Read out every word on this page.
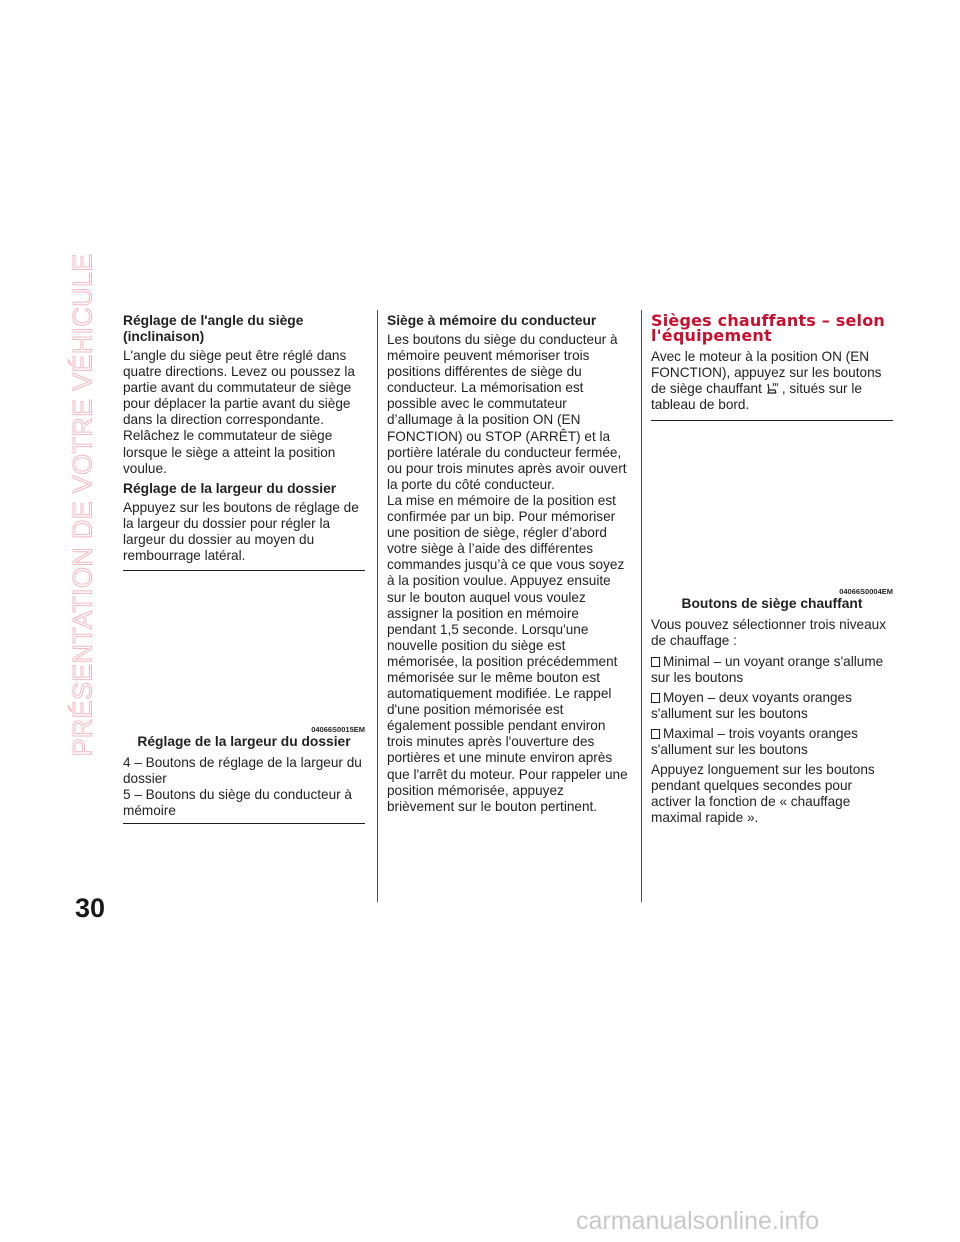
PRÉSENTATION DE VOTRE VÉHICULE
30
Réglage de l'angle du siège (inclinaison)

L'angle du siège peut être réglé dans quatre directions. Levez ou poussez la partie avant du commutateur de siège pour déplacer la partie avant du siège dans la direction correspondante. Relâchez le commutateur de siège lorsque le siège a atteint la position voulue.

Réglage de la largeur du dossier

Appuyez sur les boutons de réglage de la largeur du dossier pour régler la largeur du dossier au moyen du rembourrage latéral.

04066S0015EM
Réglage de la largeur du dossier

4 – Boutons de réglage de la largeur du dossier

5 – Boutons du siège du conducteur à mémoire

Siège à mémoire du conducteur

Les boutons du siège du conducteur à mémoire peuvent mémoriser trois positions différentes de siège du conducteur. La mémorisation est possible avec le commutateur d’allumage à la position ON (EN FONCTION) ou STOP (ARRÊT) et la portière latérale du conducteur fermée, ou pour trois minutes après avoir ouvert la porte du côté conducteur.

La mise en mémoire de la position est confirmée par un bip. Pour mémoriser une position de siège, régler d’abord votre siège à l’aide des différentes commandes jusqu’à ce que vous soyez à la position voulue. Appuyez ensuite sur le bouton auquel vous voulez assigner la position en mémoire pendant 1,5 seconde. Lorsqu'une nouvelle position du siège est mémorisée, la position précédemment mémorisée sur le même bouton est automatiquement modifiée. Le rappel d'une position mémorisée est également possible pendant environ trois minutes après l'ouverture des portières et une minute environ après que l'arrêt du moteur. Pour rappeler une position mémorisée, appuyez brièvement sur le bouton pertinent.

Sièges chauffants – selon l'équipement

Avec le moteur à la position ON (EN FONCTION), appuyez sur les boutons de siège chauffant , situés sur le tableau de bord.

04066S0004EM
Boutons de siège chauffant

Vous pouvez sélectionner trois niveaux de chauffage :

Minimal – un voyant orange s'allume sur les boutons

Moyen – deux voyants oranges s'allument sur les boutons

Maximal – trois voyants oranges s'allument sur les boutons

Appuyez longuement sur les boutons pendant quelques secondes pour activer la fonction de « chauffage maximal rapide ».

carmanualsonline.info
